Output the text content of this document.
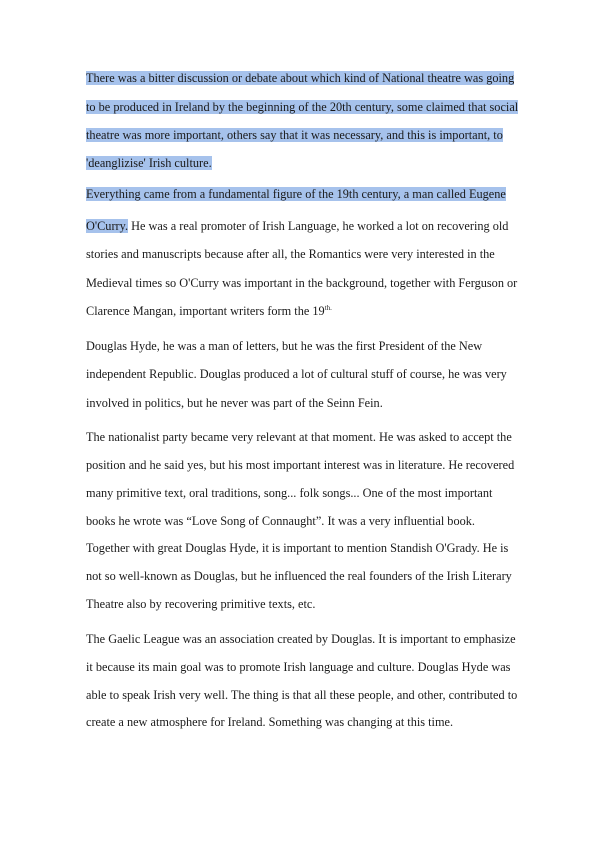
There was a bitter discussion or debate about which kind of National theatre was going
to be produced in Ireland by the beginning of the 20th century, some claimed that social
theatre was more important, others say that it was necessary, and this is important, to
'deanglizise' Irish culture.
Everything came from a fundamental figure of the 19th century, a man called Eugene
O'Curry. He was a real promoter of Irish Language, he worked a lot on recovering old
stories and manuscripts because after all, the Romantics were very interested in the
Medieval times so O'Curry was important in the background, together with Ferguson or
Clarence Mangan, important writers form the $19^{th.}$
Douglas Hyde, he was a man of letters, but he was the first President of the New
independent Republic. Douglas produced a lot of cultural stuff of course, he was very
involved in politics, but he never was part of the Seinn Fein.
The nationalist party became very relevant at that moment. He was asked to accept the
position and he said yes, but his most important interest was in literature. He recovered
many primitive text, oral traditions, song... folk songs... One of the most important
books he wrote was “Love Song of Connaught”. It was a very influential book.
Together with great Douglas Hyde, it is important to mention Standish O'Grady. He is
not so well-known as Douglas, but he influenced the real founders of the Irish Literary
Theatre also by recovering primitive texts, etc.
The Gaelic League was an association created by Douglas. It is important to emphasize
it because its main goal was to promote Irish language and culture. Douglas Hyde was
able to speak Irish very well. The thing is that all these people, and other, contributed to
create a new atmosphere for Ireland. Something was changing at this time.
